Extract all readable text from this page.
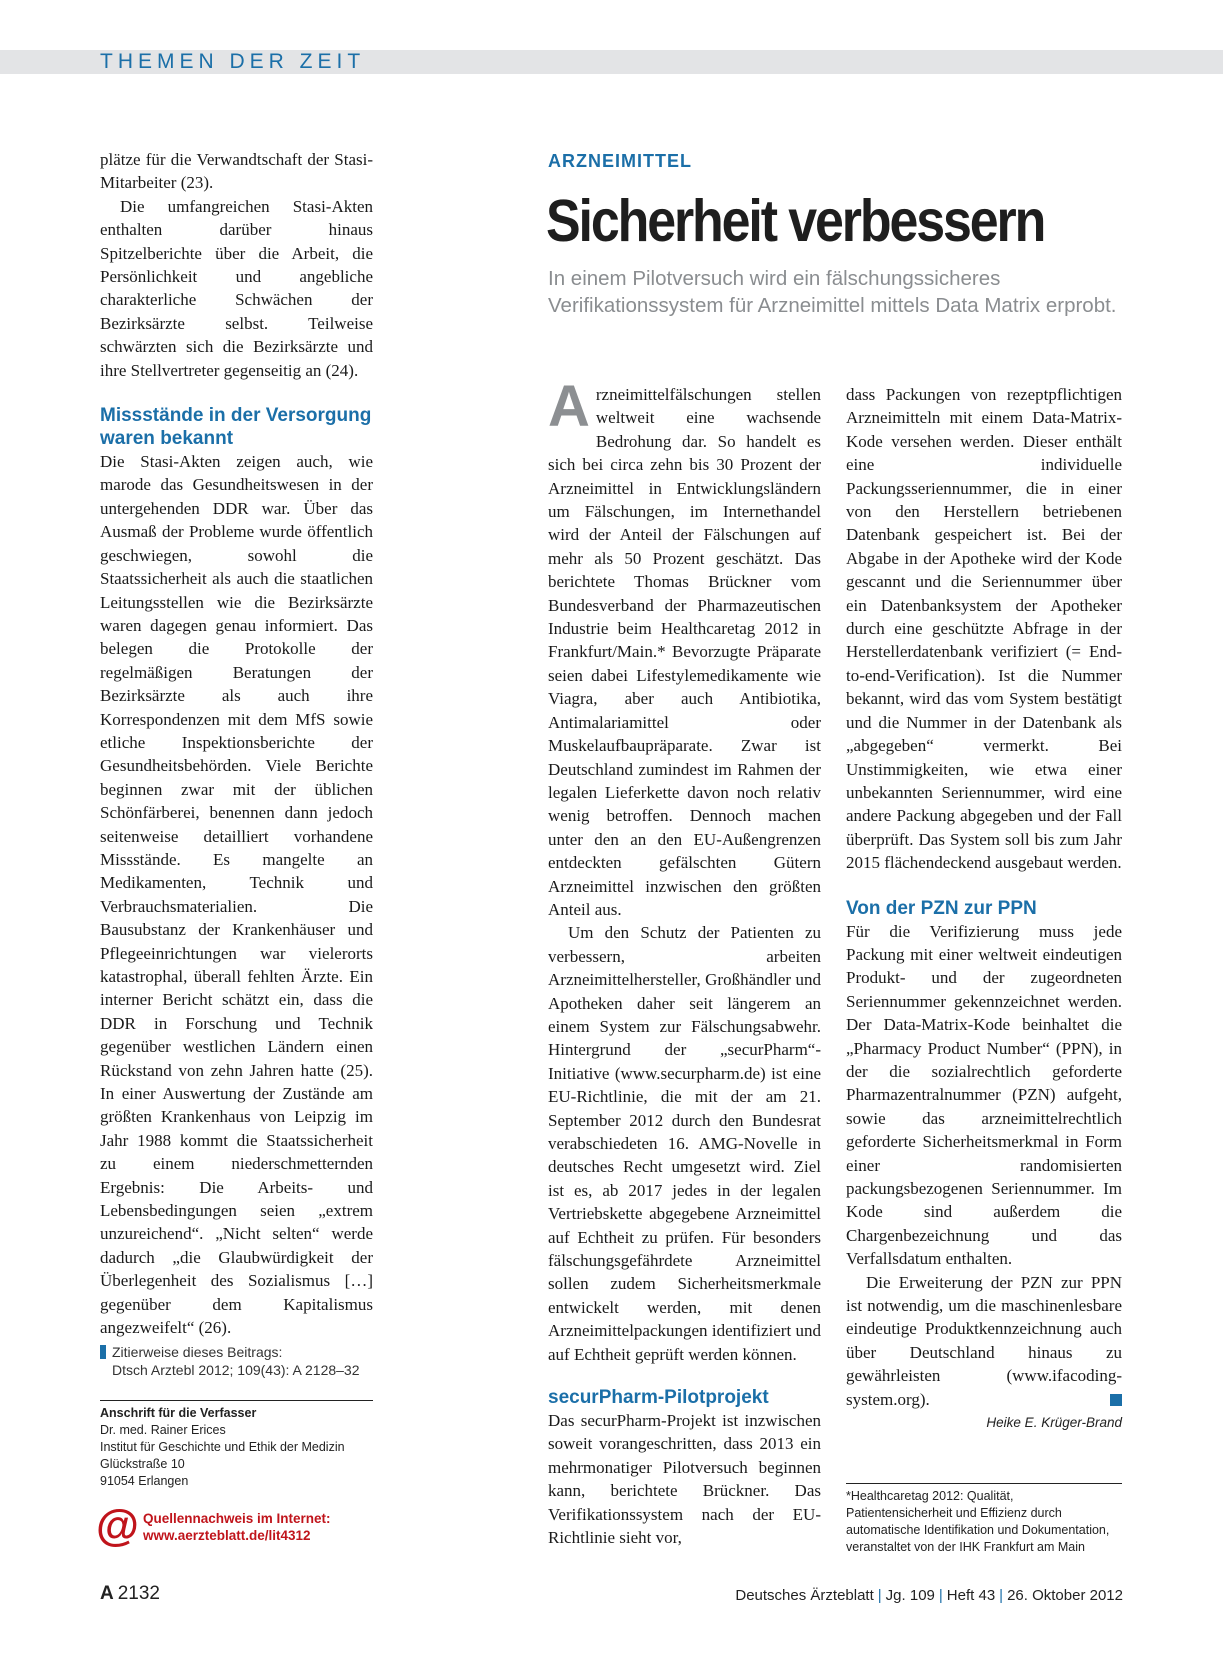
THEMEN DER ZEIT

plätze für die Verwandtschaft der Stasi-Mitarbeiter (23).

Die umfangreichen Stasi-Akten enthalten darüber hinaus Spitzelberichte über die Arbeit, die Persönlichkeit und angebliche charakterliche Schwächen der Bezirksärzte selbst. Teilweise schwärzten sich die Bezirksärzte und ihre Stellvertreter gegenseitig an (24).

Missstände in der Versorgung waren bekannt

Die Stasi-Akten zeigen auch, wie marode das Gesundheitswesen in der untergehenden DDR war. Über das Ausmaß der Probleme wurde öffentlich geschwiegen, sowohl die Staatssicherheit als auch die staatlichen Leitungsstellen wie die Bezirksärzte waren dagegen genau informiert. Das belegen die Protokolle der regelmäßigen Beratungen der Bezirksärzte als auch ihre Korrespondenzen mit dem MfS sowie etliche Inspektionsberichte der Gesundheitsbehörden. Viele Berichte beginnen zwar mit der üblichen Schönfärberei, benennen dann jedoch seitenweise detailliert vorhandene Missstände. Es mangelte an Medikamenten, Technik und Verbrauchsmaterialien. Die Bausubstanz der Krankenhäuser und Pflegeeinrichtungen war vielerorts katastrophal, überall fehlten Ärzte. Ein interner Bericht schätzt ein, dass die DDR in Forschung und Technik gegenüber westlichen Ländern einen Rückstand von zehn Jahren hatte (25). In einer Auswertung der Zustände am größten Krankenhaus von Leipzig im Jahr 1988 kommt die Staatssicherheit zu einem niederschmetternden Ergebnis: Die Arbeits- und Lebensbedingungen seien „extrem unzureichend“. „Nicht selten“ werde dadurch „die Glaubwürdigkeit der Überlegenheit des Sozialismus […] gegenüber dem Kapitalismus angezweifelt“ (26).

Zitierweise dieses Beitrags:
Dtsch Arztebl 2012; 109(43): A 2128–32
Anschrift für die Verfasser
Dr. med. Rainer Erices
Institut für Geschichte und Ethik der Medizin
Glückstraße 10
91054 Erlangen
@ Quellennachweis im Internet:
www.aerzteblatt.de/lit4312
ARZNEIMITTEL
Sicherheit verbessern
In einem Pilotversuch wird ein fälschungssicheres Verifikationssystem für Arzneimittel mittels Data Matrix erprobt.

Arzneimittelfälschungen stellen weltweit eine wachsende Bedrohung dar. So handelt es sich bei circa zehn bis 30 Prozent der Arzneimittel in Entwicklungsländern um Fälschungen, im Internethandel wird der Anteil der Fälschungen auf mehr als 50 Prozent geschätzt. Das berichtete Thomas Brückner vom Bundesverband der Pharmazeutischen Industrie beim Healthcaretag 2012 in Frankfurt/Main.* Bevorzugte Präparate seien dabei Lifestylemedikamente wie Viagra, aber auch Antibiotika, Antimalariamittel oder Muskelaufbaupräparate. Zwar ist Deutschland zumindest im Rahmen der legalen Lieferkette davon noch relativ wenig betroffen. Dennoch machen unter den an den EU-Außengrenzen entdeckten gefälschten Gütern Arzneimittel inzwischen den größten Anteil aus.

Um den Schutz der Patienten zu verbessern, arbeiten Arzneimittelhersteller, Großhändler und Apotheken daher seit längerem an einem System zur Fälschungsabwehr. Hintergrund der „securPharm“-Initiative (www.securpharm.de) ist eine EU-Richtlinie, die mit der am 21. September 2012 durch den Bundesrat verabschiedeten 16. AMG-Novelle in deutsches Recht umgesetzt wird. Ziel ist es, ab 2017 jedes in der legalen Vertriebskette abgegebene Arzneimittel auf Echtheit zu prüfen. Für besonders fälschungsgefährdete Arzneimittel sollen zudem Sicherheitsmerkmale entwickelt werden, mit denen Arzneimittelpackungen identifiziert und auf Echtheit geprüft werden können.

securPharm-Pilotprojekt

Das securPharm-Projekt ist inzwischen soweit vorangeschritten, dass 2013 ein mehrmonatiger Pilotversuch beginnen kann, berichtete Brückner. Das Verifikationssystem nach der EU-Richtlinie sieht vor,

dass Packungen von rezeptpflichtigen Arzneimitteln mit einem Data-Matrix-Kode versehen werden. Dieser enthält eine individuelle Packungsseriennummer, die in einer von den Herstellern betriebenen Datenbank gespeichert ist. Bei der Abgabe in der Apotheke wird der Kode gescannt und die Seriennummer über ein Datenbanksystem der Apotheker durch eine geschützte Abfrage in der Herstellerdatenbank verifiziert (= End-to-end-Verification). Ist die Nummer bekannt, wird das vom System bestätigt und die Nummer in der Datenbank als „abgegeben“ vermerkt. Bei Unstimmigkeiten, wie etwa einer unbekannten Seriennummer, wird eine andere Packung abgegeben und der Fall überprüft. Das System soll bis zum Jahr 2015 flächendeckend ausgebaut werden.

Von der PZN zur PPN

Für die Verifizierung muss jede Packung mit einer weltweit eindeutigen Produkt- und der zugeordneten Seriennummer gekennzeichnet werden. Der Data-Matrix-Kode beinhaltet die „Pharmacy Product Number“ (PPN), in der die sozialrechtlich geforderte Pharmazentralnummer (PZN) aufgeht, sowie das arzneimittelrechtlich geforderte Sicherheitsmerkmal in Form einer randomisierten packungsbezogenen Seriennummer. Im Kode sind außerdem die Chargenbezeichnung und das Verfallsdatum enthalten.

Die Erweiterung der PZN zur PPN ist notwendig, um die maschinenlesbare eindeutige Produktkennzeichnung auch über Deutschland hinaus zu gewährleisten (www.ifacoding-system.org).

Heike E. Krüger-Brand
*Healthcaretag 2012: Qualität, Patientensicherheit und Effizienz durch automatische Identifikation und Dokumentation, veranstaltet von der IHK Frankfurt am Main
A 2132	Deutsches Ärzteblatt | Jg. 109 | Heft 43 | 26. Oktober 2012
